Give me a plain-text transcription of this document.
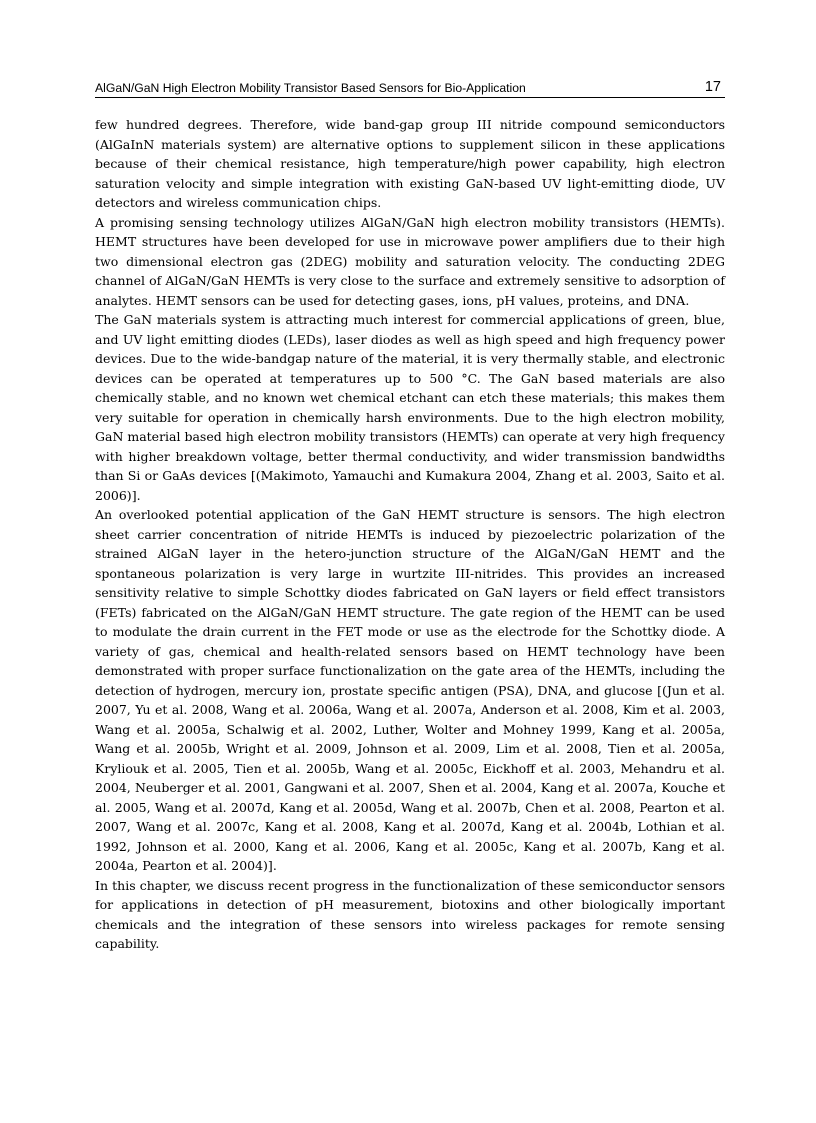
AlGaN/GaN High Electron Mobility Transistor Based Sensors for Bio-Application	17

few hundred degrees. Therefore, wide band-gap group III nitride compound semiconductors (AlGaInN materials system) are alternative options to supplement silicon in these applications because of their chemical resistance, high temperature/high power capability, high electron saturation velocity and simple integration with existing GaN-based UV light-emitting diode, UV detectors and wireless communication chips.

A promising sensing technology utilizes AlGaN/GaN high electron mobility transistors (HEMTs). HEMT structures have been developed for use in microwave power amplifiers due to their high two dimensional electron gas (2DEG) mobility and saturation velocity. The conducting 2DEG channel of AlGaN/GaN HEMTs is very close to the surface and extremely sensitive to adsorption of analytes. HEMT sensors can be used for detecting gases, ions, pH values, proteins, and DNA.

The GaN materials system is attracting much interest for commercial applications of green, blue, and UV light emitting diodes (LEDs), laser diodes as well as high speed and high frequency power devices. Due to the wide-bandgap nature of the material, it is very thermally stable, and electronic devices can be operated at temperatures up to 500 °C. The GaN based materials are also chemically stable, and no known wet chemical etchant can etch these materials; this makes them very suitable for operation in chemically harsh environments. Due to the high electron mobility, GaN material based high electron mobility transistors (HEMTs) can operate at very high frequency with higher breakdown voltage, better thermal conductivity, and wider transmission bandwidths than Si or GaAs devices [(Makimoto, Yamauchi and Kumakura 2004, Zhang et al. 2003, Saito et al. 2006)].

An overlooked potential application of the GaN HEMT structure is sensors. The high electron sheet carrier concentration of nitride HEMTs is induced by piezoelectric polarization of the strained AlGaN layer in the hetero-junction structure of the AlGaN/GaN HEMT and the spontaneous polarization is very large in wurtzite III-nitrides. This provides an increased sensitivity relative to simple Schottky diodes fabricated on GaN layers or field effect transistors (FETs) fabricated on the AlGaN/GaN HEMT structure. The gate region of the HEMT can be used to modulate the drain current in the FET mode or use as the electrode for the Schottky diode. A variety of gas, chemical and health-related sensors based on HEMT technology have been demonstrated with proper surface functionalization on the gate area of the HEMTs, including the detection of hydrogen, mercury ion, prostate specific antigen (PSA), DNA, and glucose [(Jun et al. 2007, Yu et al. 2008, Wang et al. 2006a, Wang et al. 2007a, Anderson et al. 2008, Kim et al. 2003, Wang et al. 2005a, Schalwig et al. 2002, Luther, Wolter and Mohney 1999, Kang et al. 2005a, Wang et al. 2005b, Wright et al. 2009, Johnson et al. 2009, Lim et al. 2008, Tien et al. 2005a, Kryliouk et al. 2005, Tien et al. 2005b, Wang et al. 2005c, Eickhoff et al. 2003, Mehandru et al. 2004, Neuberger et al. 2001, Gangwani et al. 2007, Shen et al. 2004, Kang et al. 2007a, Kouche et al. 2005, Wang et al. 2007d, Kang et al. 2005d, Wang et al. 2007b, Chen et al. 2008, Pearton et al. 2007, Wang et al. 2007c, Kang et al. 2008, Kang et al. 2007d, Kang et al. 2004b, Lothian et al. 1992, Johnson et al. 2000, Kang et al. 2006, Kang et al. 2005c, Kang et al. 2007b, Kang et al. 2004a, Pearton et al. 2004)].

In this chapter, we discuss recent progress in the functionalization of these semiconductor sensors for applications in detection of pH measurement, biotoxins and other biologically important chemicals and the integration of these sensors into wireless packages for remote sensing capability.
